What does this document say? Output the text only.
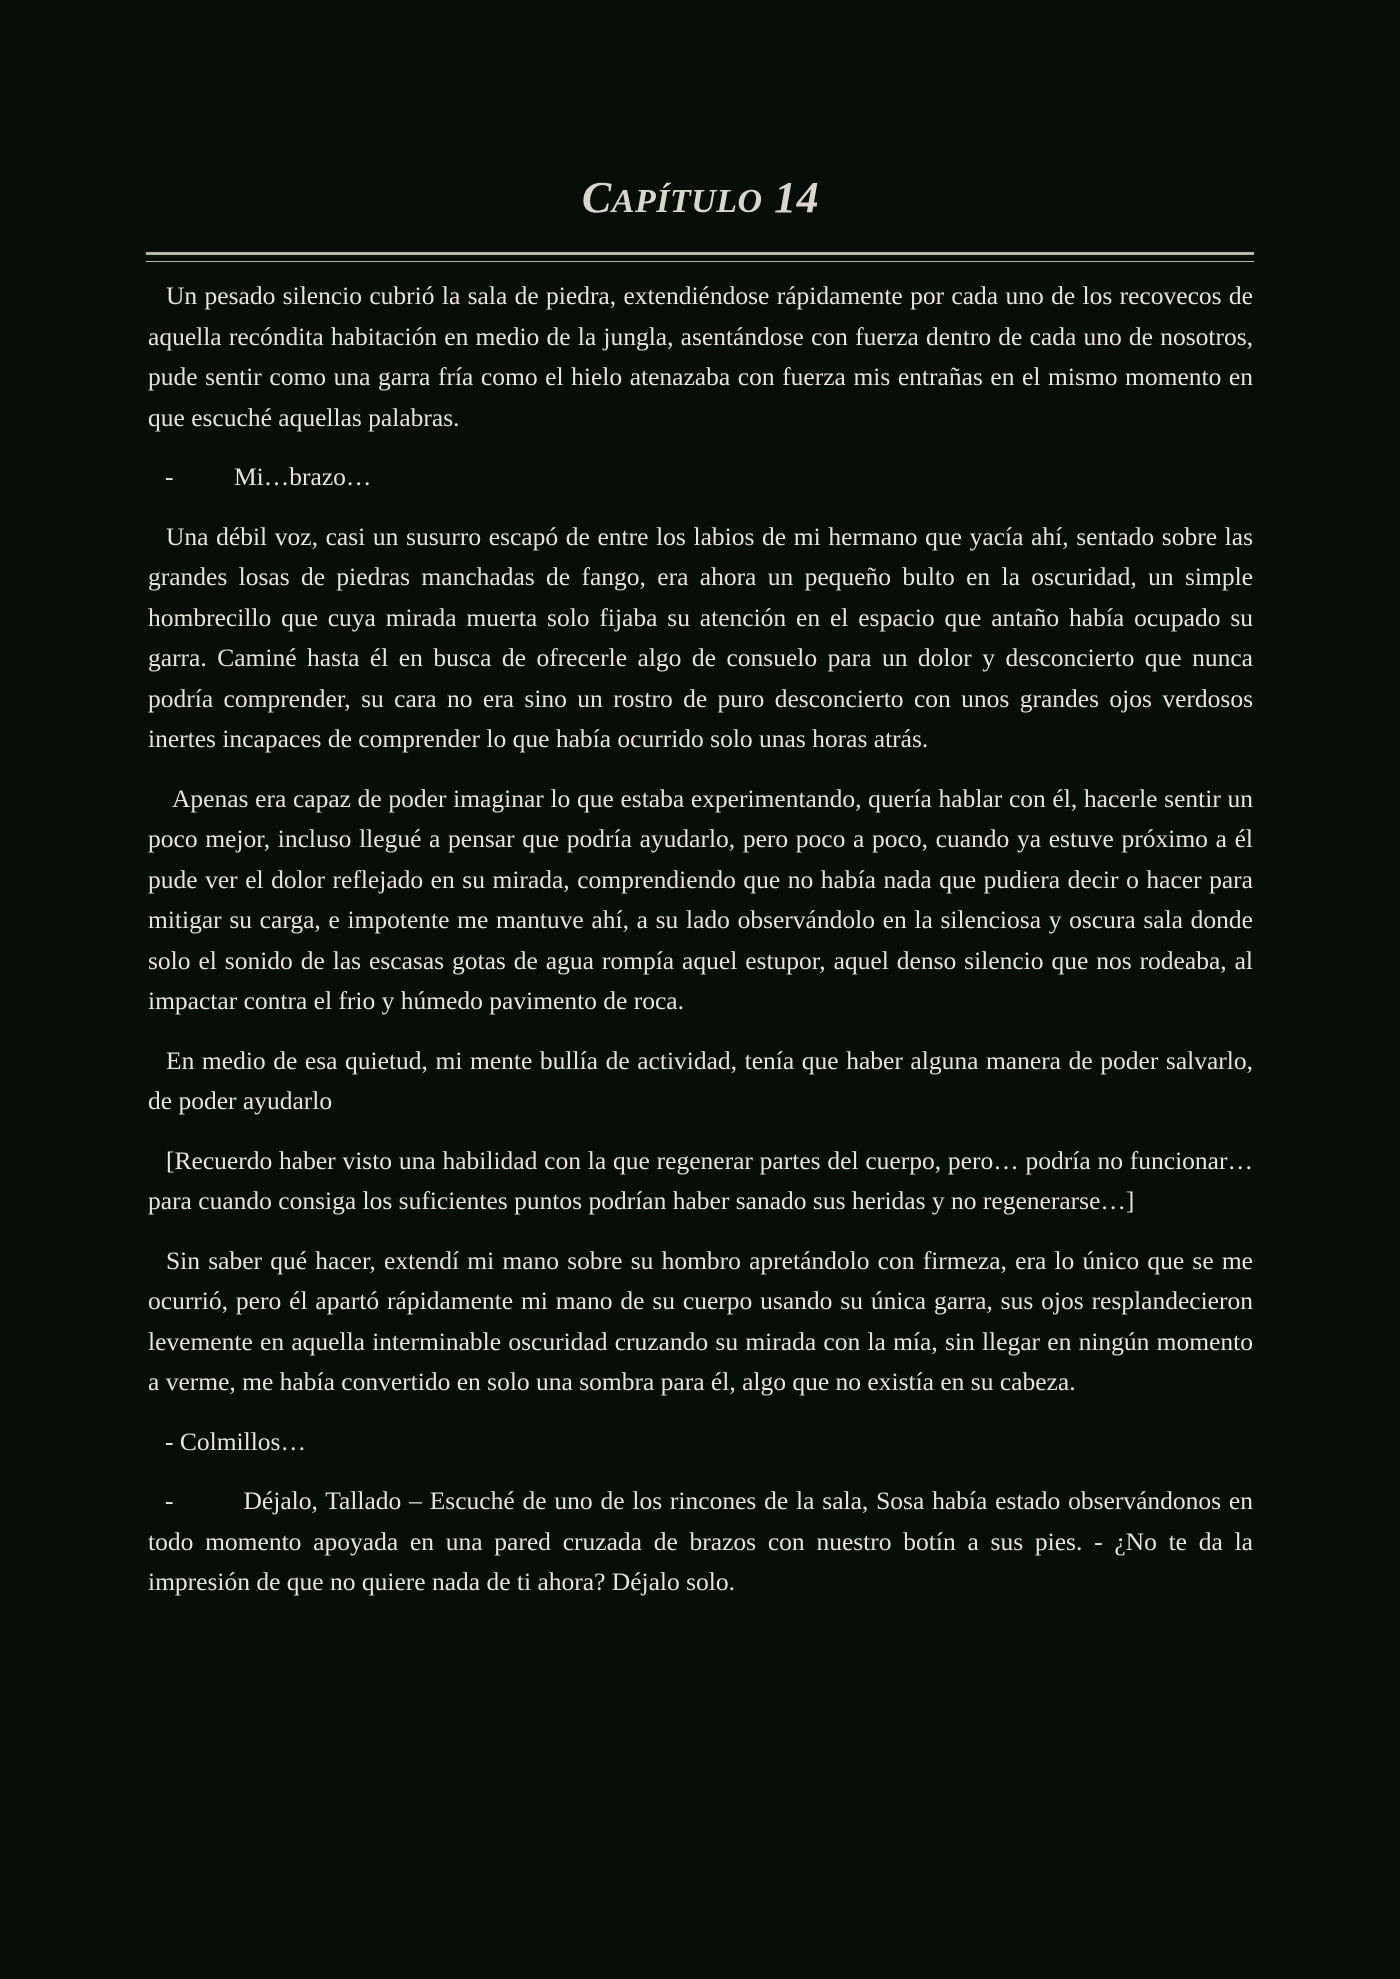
CAPÍTULO 14

Un pesado silencio cubrió la sala de piedra, extendiéndose rápidamente por cada uno de los recovecos de aquella recóndita habitación en medio de la jungla, asentándose con fuerza dentro de cada uno de nosotros, pude sentir como una garra fría como el hielo atenazaba con fuerza mis entrañas en el mismo momento en que escuché aquellas palabras.

-	Mi…brazo…

Una débil voz, casi un susurro escapó de entre los labios de mi hermano que yacía ahí, sentado sobre las grandes losas de piedras manchadas de fango, era ahora un pequeño bulto en la oscuridad, un simple hombrecillo que cuya mirada muerta solo fijaba su atención en el espacio que antaño había ocupado su garra. Caminé hasta él en busca de ofrecerle algo de consuelo para un dolor y desconcierto que nunca podría comprender, su cara no era sino un rostro de puro desconcierto con unos grandes ojos verdosos inertes incapaces de comprender lo que había ocurrido solo unas horas atrás.

Apenas era capaz de poder imaginar lo que estaba experimentando, quería hablar con él, hacerle sentir un poco mejor, incluso llegué a pensar que podría ayudarlo, pero poco a poco, cuando ya estuve próximo a él pude ver el dolor reflejado en su mirada, comprendiendo que no había nada que pudiera decir o hacer para mitigar su carga, e impotente me mantuve ahí, a su lado observándolo en la silenciosa y oscura sala donde solo el sonido de las escasas gotas de agua rompía aquel estupor, aquel denso silencio que nos rodeaba, al impactar contra el frio y húmedo pavimento de roca.

En medio de esa quietud, mi mente bullía de actividad, tenía que haber alguna manera de poder salvarlo, de poder ayudarlo

[Recuerdo haber visto una habilidad con la que regenerar partes del cuerpo, pero… podría no funcionar… para cuando consiga los suficientes puntos podrían haber sanado sus heridas y no regenerarse…]

Sin saber qué hacer, extendí mi mano sobre su hombro apretándolo con firmeza, era lo único que se me ocurrió, pero él apartó rápidamente mi mano de su cuerpo usando su única garra, sus ojos resplandecieron levemente en aquella interminable oscuridad cruzando su mirada con la mía, sin llegar en ningún momento a verme, me había convertido en solo una sombra para él, algo que no existía en su cabeza.

- Colmillos…

-	Déjalo, Tallado – Escuché de uno de los rincones de la sala, Sosa había estado observándonos en todo momento apoyada en una pared cruzada de brazos con nuestro botín a sus pies. - ¿No te da la impresión de que no quiere nada de ti ahora? Déjalo solo.
